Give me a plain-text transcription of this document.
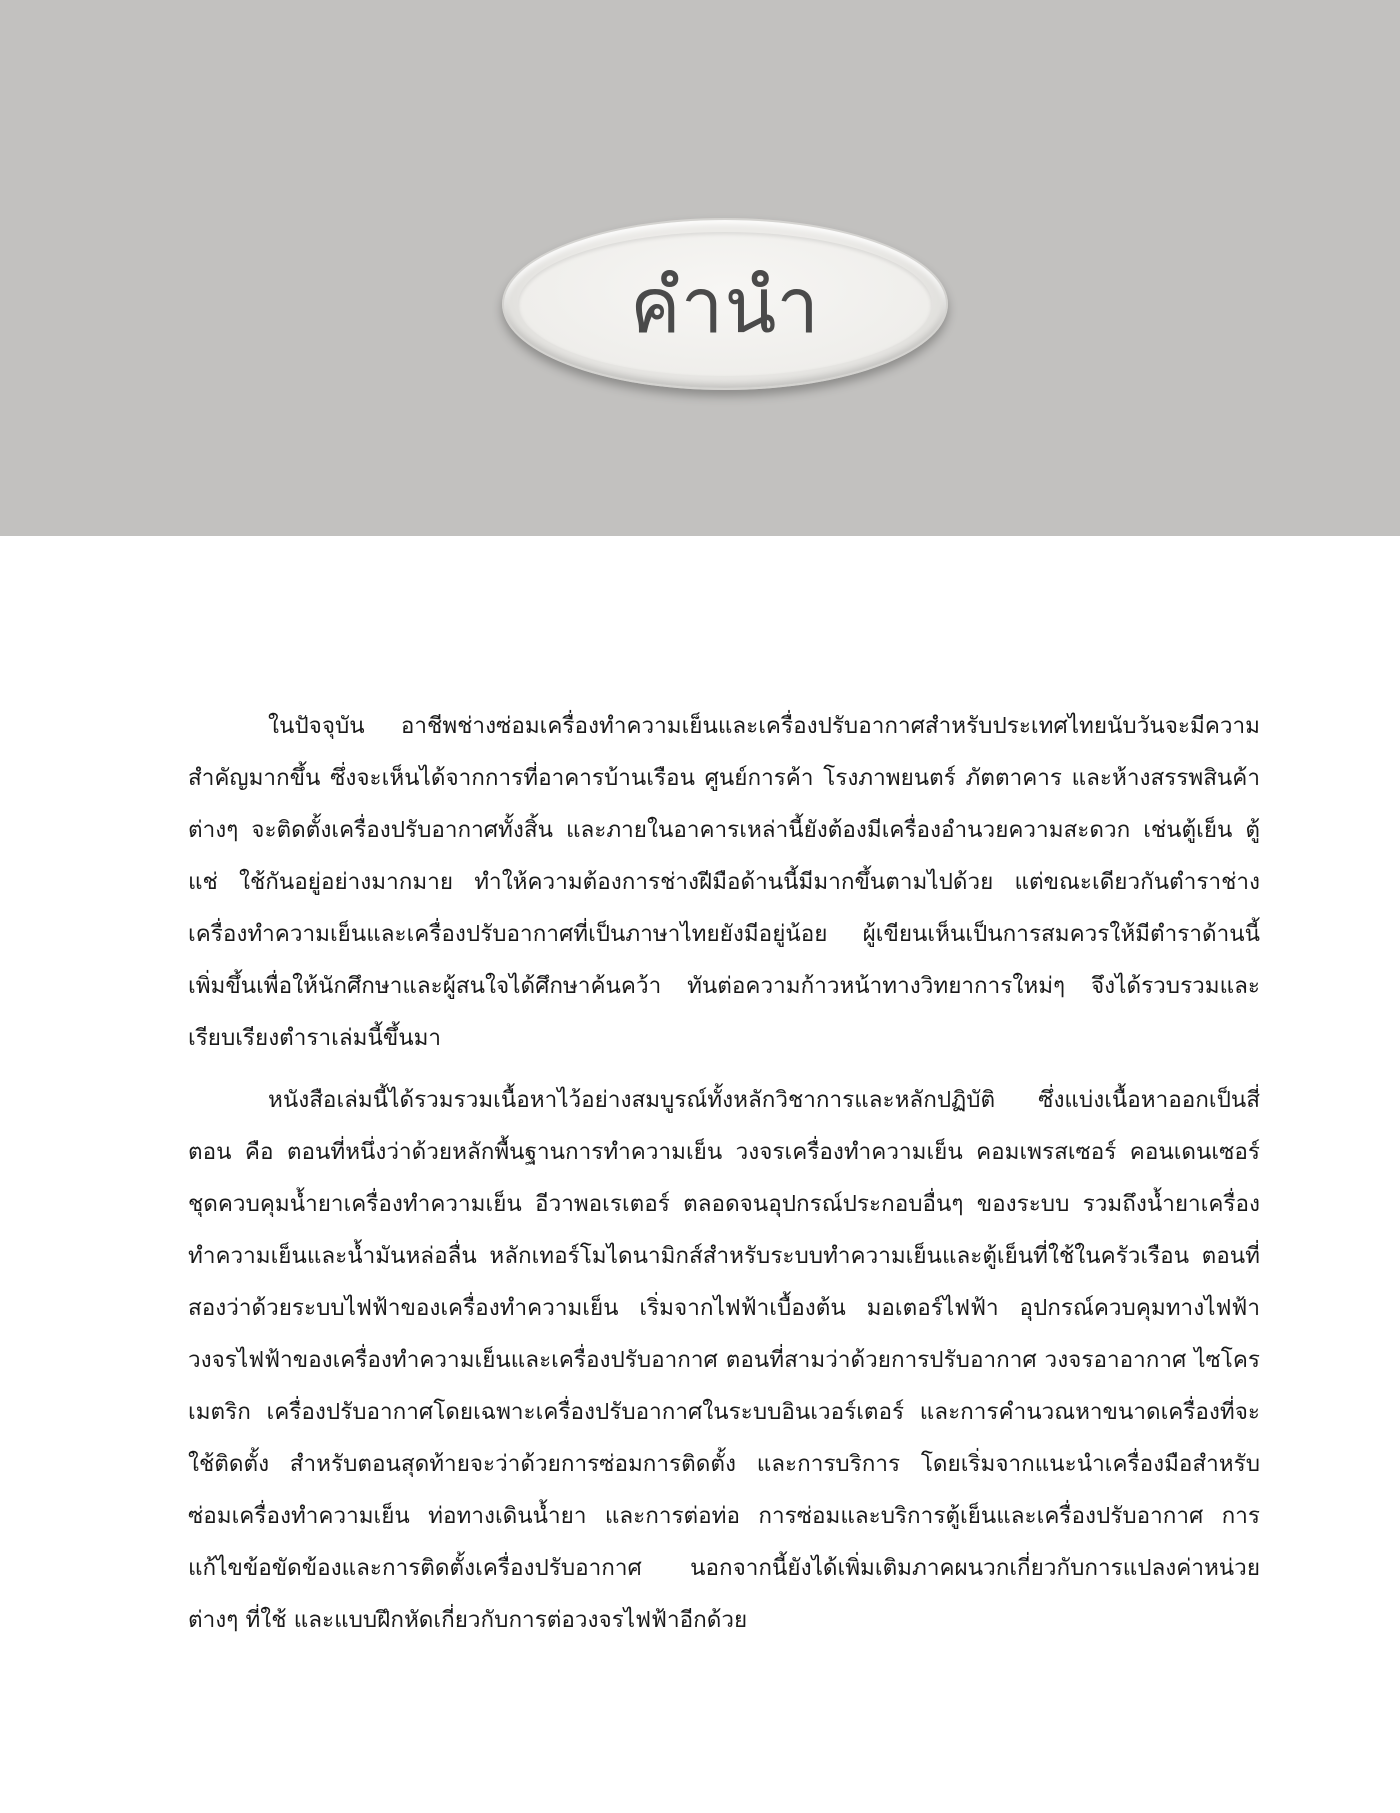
คำนำ

ในปัจจุบัน อาชีพช่างซ่อมเครื่องทำความเย็นและเครื่องปรับอากาศสำหรับประเทศไทยนับวันจะมีความสำคัญมากขึ้น ซึ่งจะเห็นได้จากการที่อาคารบ้านเรือน ศูนย์การค้า โรงภาพยนตร์ ภัตตาคาร และห้างสรรพสินค้าต่างๆ จะติดตั้งเครื่องปรับอากาศทั้งสิ้น และภายในอาคารเหล่านี้ยังต้องมีเครื่องอำนวยความสะดวก เช่นตู้เย็น ตู้แช่ ใช้กันอยู่อย่างมากมาย ทำให้ความต้องการช่างฝีมือด้านนี้มีมากขึ้นตามไปด้วย แต่ขณะเดียวกันตำราช่างเครื่องทำความเย็นและเครื่องปรับอากาศที่เป็นภาษาไทยยังมีอยู่น้อย ผู้เขียนเห็นเป็นการสมควรให้มีตำราด้านนี้เพิ่มขึ้นเพื่อให้นักศึกษาและผู้สนใจได้ศึกษาค้นคว้า ทันต่อความก้าวหน้าทางวิทยาการใหม่ๆ จึงได้รวบรวมและเรียบเรียงตำราเล่มนี้ขึ้นมา

หนังสือเล่มนี้ได้รวมรวมเนื้อหาไว้อย่างสมบูรณ์ทั้งหลักวิชาการและหลักปฏิบัติ ซึ่งแบ่งเนื้อหาออกเป็นสี่ตอน คือ ตอนที่หนึ่งว่าด้วยหลักพื้นฐานการทำความเย็น วงจรเครื่องทำความเย็น คอมเพรสเซอร์ คอนเดนเซอร์ ชุดควบคุมน้ำยาเครื่องทำความเย็น อีวาพอเรเตอร์ ตลอดจนอุปกรณ์ประกอบอื่นๆ ของระบบ รวมถึงน้ำยาเครื่องทำความเย็นและน้ำมันหล่อลื่น หลักเทอร์โมไดนามิกส์สำหรับระบบทำความเย็นและตู้เย็นที่ใช้ในครัวเรือน ตอนที่สองว่าด้วยระบบไฟฟ้าของเครื่องทำความเย็น เริ่มจากไฟฟ้าเบื้องต้น มอเตอร์ไฟฟ้า อุปกรณ์ควบคุมทางไฟฟ้า วงจรไฟฟ้าของเครื่องทำความเย็นและเครื่องปรับอากาศ ตอนที่สามว่าด้วยการปรับอากาศ วงจรอาอากาศ ไซโครเมตริก เครื่องปรับอากาศโดยเฉพาะเครื่องปรับอากาศในระบบอินเวอร์เตอร์ และการคำนวณหาขนาดเครื่องที่จะใช้ติดตั้ง สำหรับตอนสุดท้ายจะว่าด้วยการซ่อมการติดตั้ง และการบริการ โดยเริ่มจากแนะนำเครื่องมือสำหรับซ่อมเครื่องทำความเย็น ท่อทางเดินน้ำยา และการต่อท่อ การซ่อมและบริการตู้เย็นและเครื่องปรับอากาศ การแก้ไขข้อขัดข้องและการติดตั้งเครื่องปรับอากาศ นอกจากนี้ยังได้เพิ่มเติมภาคผนวกเกี่ยวกับการแปลงค่าหน่วยต่างๆ ที่ใช้ และแบบฝึกหัดเกี่ยวกับการต่อวงจรไฟฟ้าอีกด้วย
